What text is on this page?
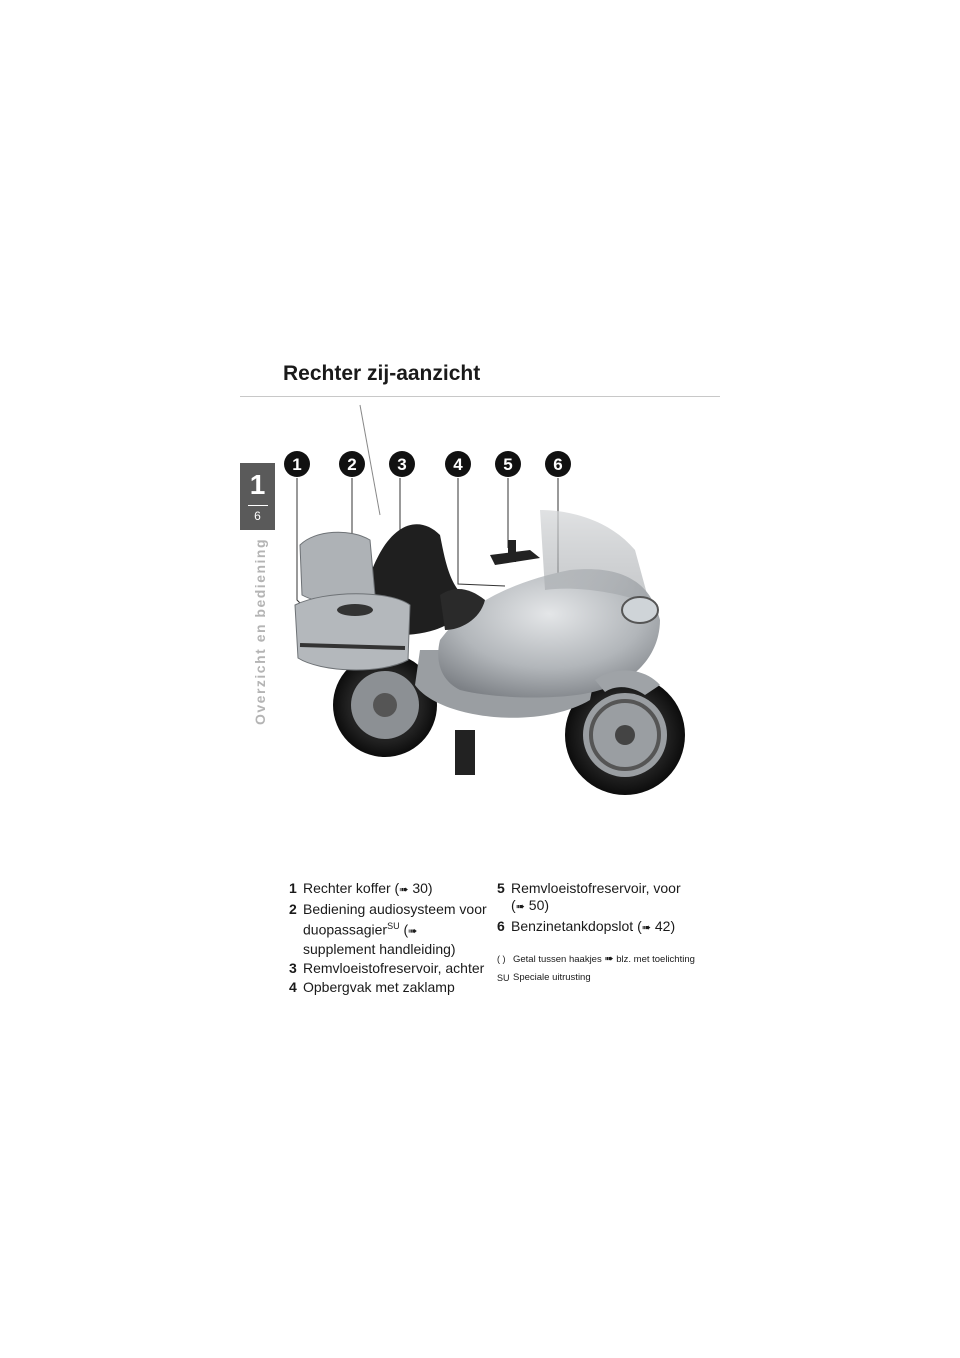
Rechter zij-aanzicht
1
6
Overzicht en bediening
1	2 3	4 5 6
1 Rechter koffer (➠ 30)
2 Bediening audiosysteem voor duopassagier$^{SU}$ (➠ supplement handleiding)
3 Remvloeistofreservoir, achter
4 Opbergvak met zaklamp
5 Remvloeistofreservoir, voor (➠ 50)
6 Benzinetankdopslot (➠ 42)
( ) Getal tussen haakjes ➠ blz. met toelichting
SU Speciale uitrusting
